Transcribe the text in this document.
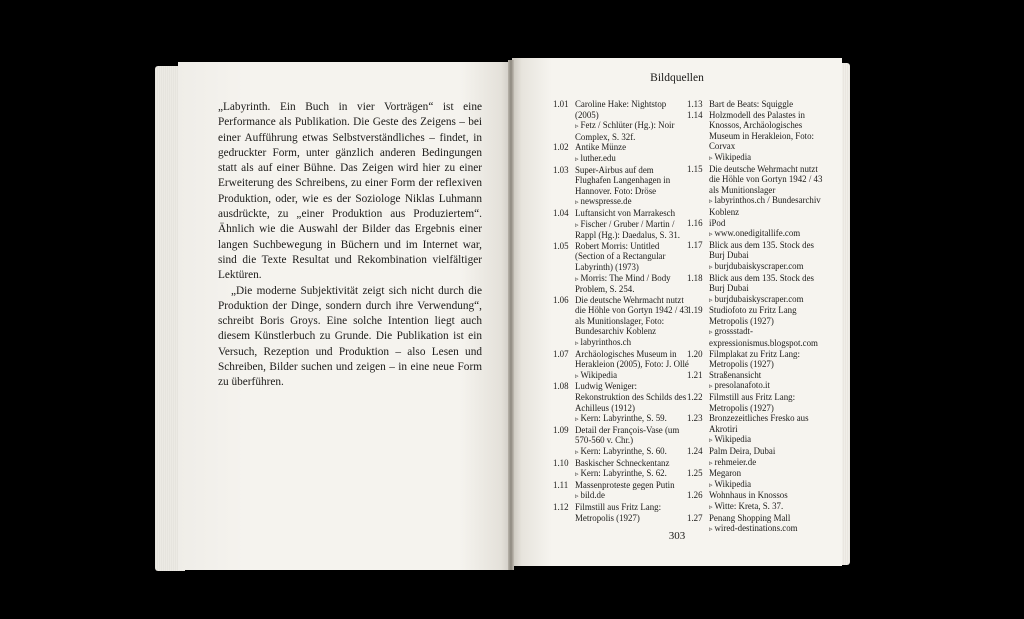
„Labyrinth. Ein Buch in vier Vorträgen“ ist eine Performance als Publikation. Die Geste des Zeigens – bei einer Aufführung etwas Selbstverständliches – findet, in gedruckter Form, unter gänzlich anderen Bedingungen statt als auf einer Bühne. Das Zeigen wird hier zu einer Erweiterung des Schreibens, zu einer Form der reflexiven Produktion, oder, wie es der Soziologe Niklas Luhmann ausdrückte, zu „einer Produktion aus Produziertem“. Ähnlich wie die Auswahl der Bilder das Ergebnis einer langen Suchbewegung in Büchern und im Internet war, sind die Texte Resultat und Rekombination vielfältiger Lektüren.

„Die moderne Subjektivität zeigt sich nicht durch die Produktion der Dinge, sondern durch ihre Verwendung“, schreibt Boris Groys. Eine solche Intention liegt auch diesem Künstlerbuch zu Grunde. Die Publikation ist ein Versuch, Rezeption und Produktion – also Lesen und Schreiben, Bilder suchen und zeigen – in eine neue Form zu überführen.

Bildquellen
1.01 Caroline Hake: Nightstop (2005)
▹ Fetz / Schlüter (Hg.): Noir Complex, S. 32f.
1.02 Antike Münze
▹ luther.edu
1.03 Super-Airbus auf dem Flughafen Langenhagen in Hannover. Foto: Dröse
▹ newspresse.de
1.04 Luftansicht von Marrakesch
▹ Fischer / Gruber / Martin / Rappl (Hg.): Daedalus, S. 31.
1.05 Robert Morris: Untitled (Section of a Rectangular Labyrinth) (1973)
▹ Morris: The Mind / Body Problem, S. 254.
1.06 Die deutsche Wehrmacht nutzt die Höhle von Gortyn 1942 / 43 als Munitionslager, Foto: Bundesarchiv Koblenz
▹ labyrinthos.ch
1.07 Archäologisches Museum in Herakleion (2005), Foto: J. Ollé
▹ Wikipedia
1.08 Ludwig Weniger: Rekonstruktion des Schilds des Achilleus (1912)
▹ Kern: Labyrinthe, S. 59.
1.09 Detail der François-Vase (um 570-560 v. Chr.)
▹ Kern: Labyrinthe, S. 60.
1.10 Baskischer Schneckentanz
▹ Kern: Labyrinthe, S. 62.
1.11 Massenproteste gegen Putin
▹ bild.de
1.12 Filmstill aus Fritz Lang: Metropolis (1927)
1.13 Bart de Beats: Squiggle
1.14 Holzmodell des Palastes in Knossos, Archäologisches Museum in Herakleion, Foto: Corvax
▹ Wikipedia
1.15 Die deutsche Wehrmacht nutzt die Höhle von Gortyn 1942 / 43 als Munitionslager
▹ labyrinthos.ch / Bundesarchiv Koblenz
1.16 iPod
▹ www.onedigitallife.com
1.17 Blick aus dem 135. Stock des Burj Dubai
▹ burjdubaiskyscraper.com
1.18 Blick aus dem 135. Stock des Burj Dubai
▹ burjdubaiskyscraper.com
1.19 Studiofoto zu Fritz Lang Metropolis (1927)
▹ grossstadt-expressionismus.blogspot.com
1.20 Filmplakat zu Fritz Lang: Metropolis (1927)
1.21 Straßenansicht
▹ presolanafoto.it
1.22 Filmstill aus Fritz Lang: Metropolis (1927)
1.23 Bronzezeitliches Fresko aus Akrotiri
▹ Wikipedia
1.24 Palm Deira, Dubai
▹ rehmeier.de
1.25 Megaron
▹ Wikipedia
1.26 Wohnhaus in Knossos
▹ Witte: Kreta, S. 37.
1.27 Penang Shopping Mall
▹ wired-destinations.com
303
